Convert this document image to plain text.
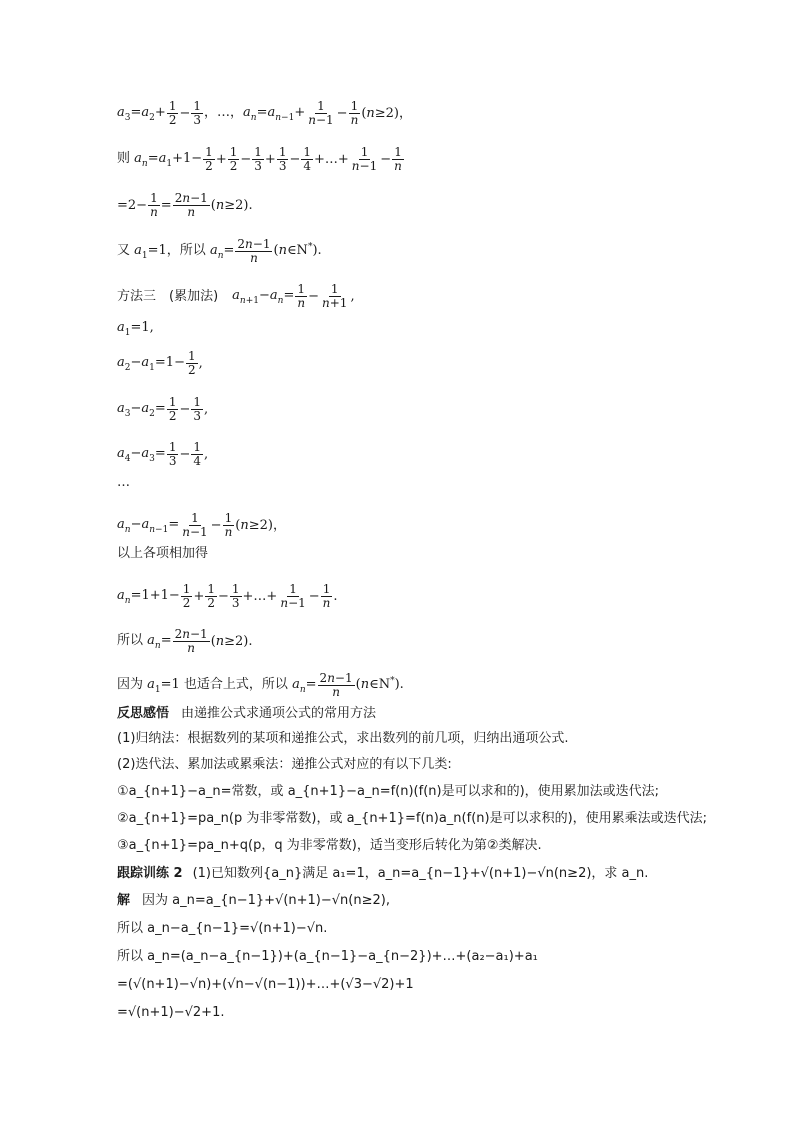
$a_3=a_2+ \frac{1}{2} - \frac{1}{3}$ ，…，$a_n=a_{n-1}+ \frac{1}{n-1} - \frac{1}{n} (n\ge 2)$，
则 $a_n=a_1+1- \frac{1}{2} + \frac{1}{2} - \frac{1}{3} + \frac{1}{3} - \frac{1}{4}$ +…+ $\frac{1}{n-1} - \frac{1}{n}$
$=2- \frac{1}{n} = \frac{2n-1}{n} (n\ge 2)$.
又 $a_1=1$，所以 $a_n= \frac{2n-1}{n}$ (n∈N*).
方法三　(累加法) $a_{n+1}-a_n= \frac{1}{n} - \frac{1}{n+1}$ ,
$a_1=1$,
$a_2-a_1=1- \frac{1}{2}$ ,
$a_3-a_2= \frac{1}{2} - \frac{1}{3}$ ,
$a_4-a_3= \frac{1}{3} - \frac{1}{4}$ ,
…
$a_n-a_{n-1}= \frac{1}{n-1} - \frac{1}{n} (n\ge 2)$，
以上各项相加得
$a_n=1+1- \frac{1}{2} + \frac{1}{2} - \frac{1}{3}$ +…+ $\frac{1}{n-1} - \frac{1}{n}$ .
所以 $a_n= \frac{2n-1}{n} (n\ge 2)$.
因为 $a_1=1$ 也适合上式，所以 $a_n= \frac{2n-1}{n}$ (n∈N*).
反思感悟 由递推公式求通项公式的常用方法
(1)归纳法：根据数列的某项和递推公式，求出数列的前几项，归纳出通项公式.
(2)迭代法、累加法或累乘法：递推公式对应的有以下几类:
①a_{n+1}−a_n=常数，或 a_{n+1}−a_n=f(n)(f(n)是可以求和的)，使用累加法或迭代法;
②a_{n+1}=pa_n(p 为非零常数)，或 a_{n+1}=f(n)a_n(f(n)是可以求积的)，使用累乘法或迭代法;
③a_{n+1}=pa_n+q(p，q 为非零常数)，适当变形后转化为第②类解决.
跟踪训练 2 (1)已知数列{a_n}满足 a₁=1，a_n=a_{n−1}+√(n+1)−√n(n≥2)，求 a_n.
解 因为 a_n=a_{n−1}+√(n+1)−√n(n≥2),
所以 a_n−a_{n−1}=√(n+1)−√n.
所以 a_n=(a_n−a_{n−1})+(a_{n−1}−a_{n−2})+…+(a₂−a₁)+a₁
=(√(n+1)−√n)+(√n−√(n−1))+…+(√3−√2)+1
=√(n+1)−√2+1.
